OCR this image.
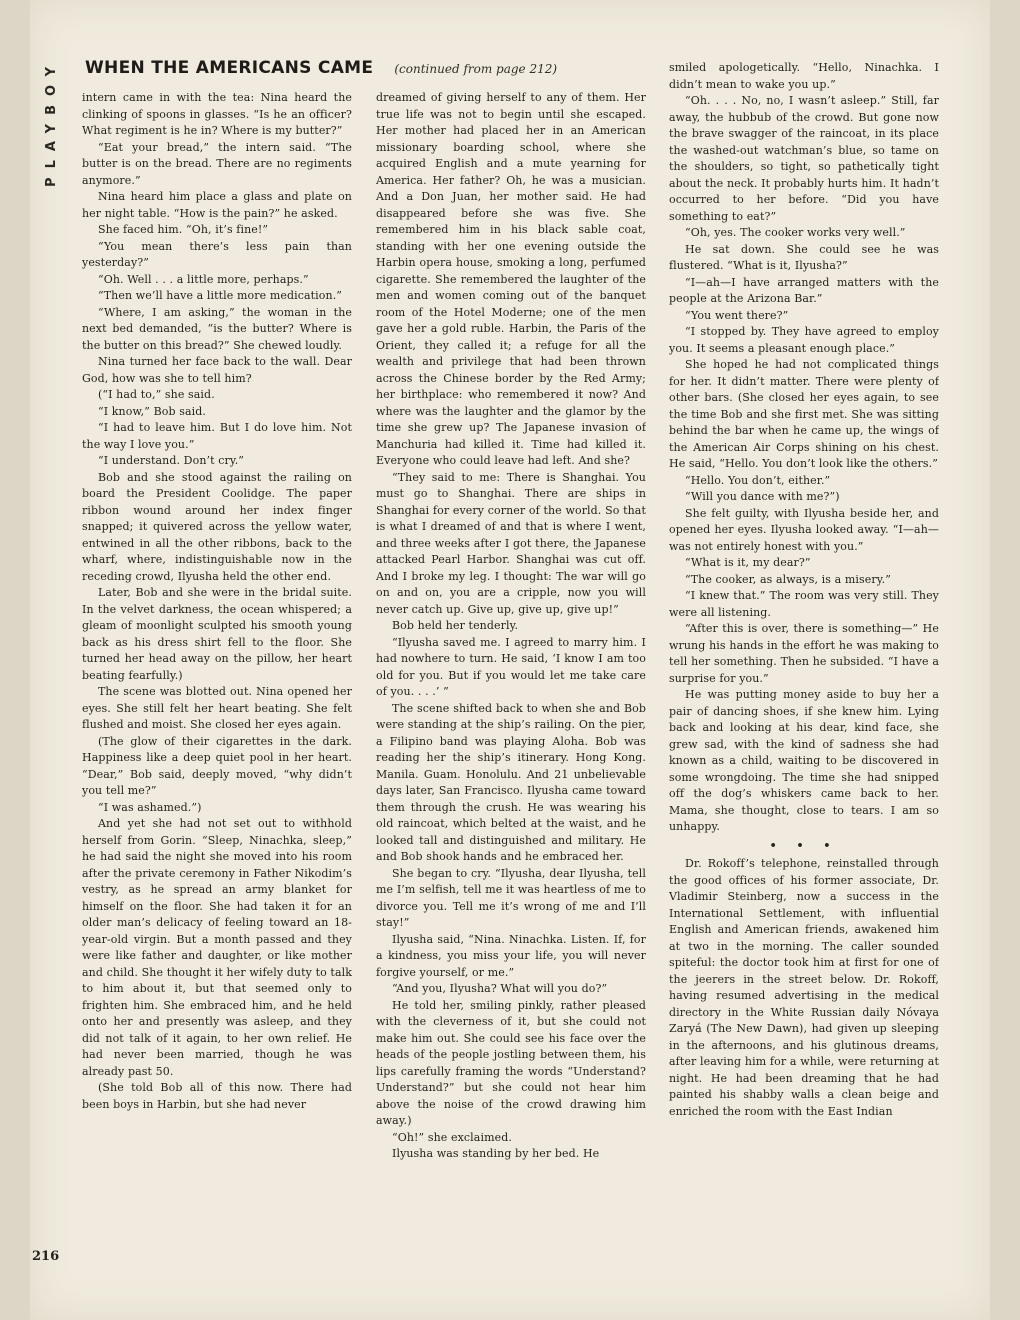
PLAYBOY WHEN THE AMERICANS CAME (continued from page 212)

intern came in with the tea: Nina heard the clinking of spoons in glasses. “Is he an officer? What regiment is he in? Where is my butter?”

“Eat your bread,” the intern said. “The butter is on the bread. There are no regiments anymore.”

Nina heard him place a glass and plate on her night table. “How is the pain?” he asked.

She faced him. “Oh, it’s fine!”

“You mean there’s less pain than yesterday?”

“Oh. Well . . . a little more, perhaps.”

“Then we’ll have a little more medication.”

“Where, I am asking,” the woman in the next bed demanded, “is the butter? Where is the butter on this bread?” She chewed loudly.

Nina turned her face back to the wall. Dear God, how was she to tell him?

(“I had to,” she said.

“I know,” Bob said.

“I had to leave him. But I do love him. Not the way I love you.”

“I understand. Don’t cry.”

Bob and she stood against the railing on board the President Coolidge. The paper ribbon wound around her index finger snapped; it quivered across the yellow water, entwined in all the other ribbons, back to the wharf, where, indistinguishable now in the receding crowd, Ilyusha held the other end.

Later, Bob and she were in the bridal suite. In the velvet darkness, the ocean whispered; a gleam of moonlight sculpted his smooth young back as his dress shirt fell to the floor. She turned her head away on the pillow, her heart beating fearfully.)

The scene was blotted out. Nina opened her eyes. She still felt her heart beating. She felt flushed and moist. She closed her eyes again.

(The glow of their cigarettes in the dark. Happiness like a deep quiet pool in her heart. “Dear,” Bob said, deeply moved, “why didn’t you tell me?”

“I was ashamed.”)

And yet she had not set out to withhold herself from Gorin. “Sleep, Ninachka, sleep,” he had said the night she moved into his room after the private ceremony in Father Nikodim’s vestry, as he spread an army blanket for himself on the floor. She had taken it for an older man’s delicacy of feeling toward an 18-year-old virgin. But a month passed and they were like father and daughter, or like mother and child. She thought it her wifely duty to talk to him about it, but that seemed only to frighten him. She embraced him, and he held onto her and presently was asleep, and they did not talk of it again, to her own relief. He had never been married, though he was already past 50.

(She told Bob all of this now. There had been boys in Harbin, but she had never

dreamed of giving herself to any of them. Her true life was not to begin until she escaped. Her mother had placed her in an American missionary boarding school, where she acquired English and a mute yearning for America. Her father? Oh, he was a musician. And a Don Juan, her mother said. He had disappeared before she was five. She remembered him in his black sable coat, standing with her one evening outside the Harbin opera house, smoking a long, perfumed cigarette. She remembered the laughter of the men and women coming out of the banquet room of the Hotel Moderne; one of the men gave her a gold ruble. Harbin, the Paris of the Orient, they called it; a refuge for all the wealth and privilege that had been thrown across the Chinese border by the Red Army; her birthplace: who remembered it now? And where was the laughter and the glamor by the time she grew up? The Japanese invasion of Manchuria had killed it. Time had killed it. Everyone who could leave had left. And she?

“They said to me: There is Shanghai. You must go to Shanghai. There are ships in Shanghai for every corner of the world. So that is what I dreamed of and that is where I went, and three weeks after I got there, the Japanese attacked Pearl Harbor. Shanghai was cut off. And I broke my leg. I thought: The war will go on and on, you are a cripple, now you will never catch up. Give up, give up, give up!”

Bob held her tenderly.

“Ilyusha saved me. I agreed to marry him. I had nowhere to turn. He said, ‘I know I am too old for you. But if you would let me take care of you. . . .’ ”

The scene shifted back to when she and Bob were standing at the ship’s railing. On the pier, a Filipino band was playing Aloha. Bob was reading her the ship’s itinerary. Hong Kong. Manila. Guam. Honolulu. And 21 unbelievable days later, San Francisco. Ilyusha came toward them through the crush. He was wearing his old raincoat, which belted at the waist, and he looked tall and distinguished and military. He and Bob shook hands and he embraced her.

She began to cry. “Ilyusha, dear Ilyusha, tell me I’m selfish, tell me it was heartless of me to divorce you. Tell me it’s wrong of me and I’ll stay!”

Ilyusha said, “Nina. Ninachka. Listen. If, for a kindness, you miss your life, you will never forgive yourself, or me.”

“And you, Ilyusha? What will you do?”

He told her, smiling pinkly, rather pleased with the cleverness of it, but she could not make him out. She could see his face over the heads of the people jostling between them, his lips carefully framing the words “Understand? Understand?” but she could not hear him above the noise of the crowd drawing him away.)

“Oh!” she exclaimed.

Ilyusha was standing by her bed. He

smiled apologetically. “Hello, Ninachka. I didn’t mean to wake you up.”

“Oh. . . . No, no, I wasn’t asleep.” Still, far away, the hubbub of the crowd. But gone now the brave swagger of the raincoat, in its place the washed-out watchman’s blue, so tame on the shoulders, so tight, so pathetically tight about the neck. It probably hurts him. It hadn’t occurred to her before. “Did you have something to eat?”

“Oh, yes. The cooker works very well.”

He sat down. She could see he was flustered. “What is it, Ilyusha?”

“I—ah—I have arranged matters with the people at the Arizona Bar.”

“You went there?”

“I stopped by. They have agreed to employ you. It seems a pleasant enough place.”

She hoped he had not complicated things for her. It didn’t matter. There were plenty of other bars. (She closed her eyes again, to see the time Bob and she first met. She was sitting behind the bar when he came up, the wings of the American Air Corps shining on his chest. He said, “Hello. You don’t look like the others.”

“Hello. You don’t, either.”

“Will you dance with me?”)

She felt guilty, with Ilyusha beside her, and opened her eyes. Ilyusha looked away. “I—ah—was not entirely honest with you.”

“What is it, my dear?”

“The cooker, as always, is a misery.”

“I knew that.” The room was very still. They were all listening.

“After this is over, there is something—” He wrung his hands in the effort he was making to tell her something. Then he subsided. “I have a surprise for you.”

He was putting money aside to buy her a pair of dancing shoes, if she knew him. Lying back and looking at his dear, kind face, she grew sad, with the kind of sadness she had known as a child, waiting to be discovered in some wrongdoing. The time she had snipped off the dog’s whiskers came back to her. Mama, she thought, close to tears. I am so unhappy.

• • •

Dr. Rokoff’s telephone, reinstalled through the good offices of his former associate, Dr. Vladimir Steinberg, now a success in the International Settlement, with influential English and American friends, awakened him at two in the morning. The caller sounded spiteful: the doctor took him at first for one of the jeerers in the street below. Dr. Rokoff, having resumed advertising in the medical directory in the White Russian daily Nóvaya Zaryá (The New Dawn), had given up sleeping in the afternoons, and his glutinous dreams, after leaving him for a while, were returning at night. He had been dreaming that he had painted his shabby walls a clean beige and enriched the room with the East Indian

216
